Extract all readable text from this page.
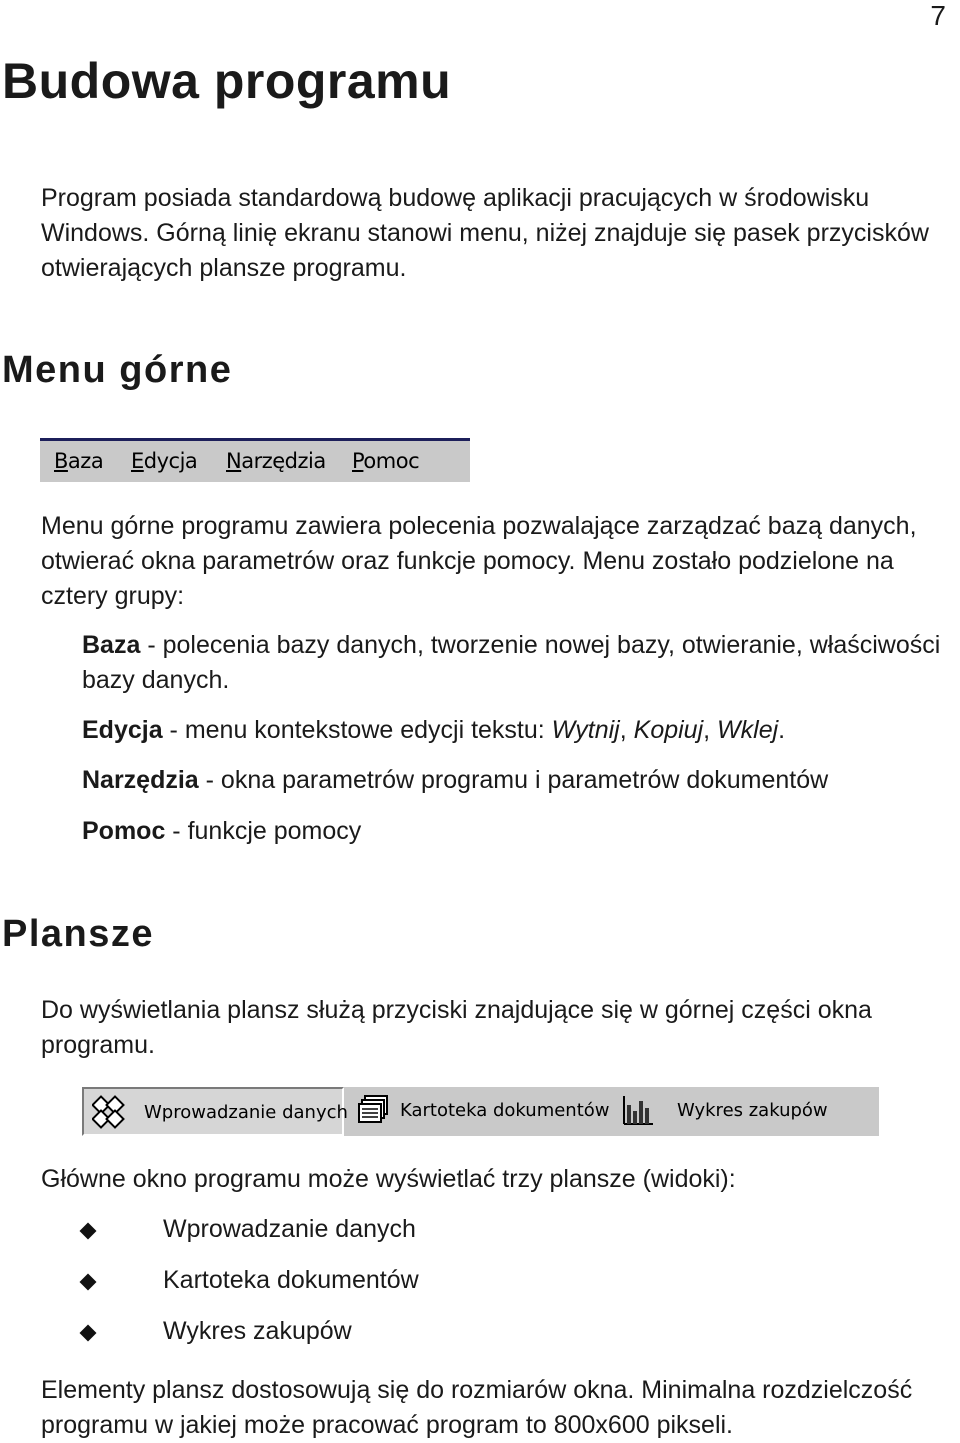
7
Budowa programu

Program posiada standardową budowę aplikacji pracujących w środowisku Windows. Górną linię ekranu stanowi menu, niżej znajduje się pasek przycisków otwierających plansze programu.

Menu górne
Baza Edycja Narzędzia Pomoc

Menu górne programu zawiera polecenia pozwalające zarządzać bazą danych, otwierać okna parametrów oraz funkcje pomocy. Menu zostało podzielone na cztery grupy:

Baza - polecenia bazy danych, tworzenie nowej bazy, otwieranie, właściwości bazy danych.

Edycja - menu kontekstowe edycji tekstu: Wytnij, Kopiuj, Wklej.

Narzędzia - okna parametrów programu i parametrów dokumentów

Pomoc - funkcje pomocy

Plansze

Do wyświetlania plansz służą przyciski znajdujące się w górnej części okna programu.

Wprowadzanie danych	Kartoteka dokumentów	Wykres zakupów

Główne okno programu może wyświetlać trzy plansze (widoki):

Wprowadzanie danych
Kartoteka dokumentów
Wykres zakupów

Elementy plansz dostosowują się do rozmiarów okna. Minimalna rozdzielczość programu w jakiej może pracować program to 800x600 pikseli.
